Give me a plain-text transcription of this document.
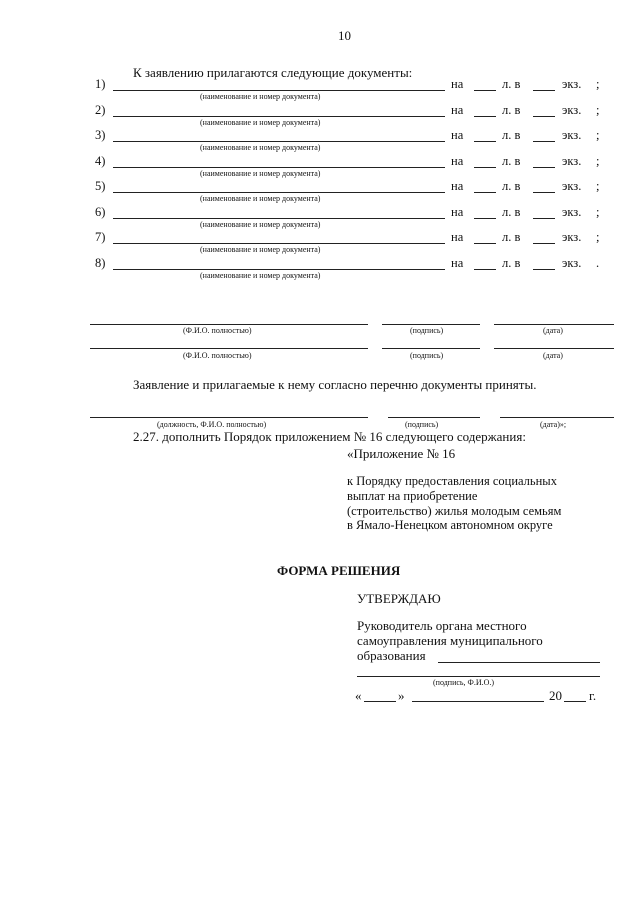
10
К заявлению прилагаются следующие документы:
1)
(наименование и номер документа)
на	л. в	экз. ;
2)
(наименование и номер документа)
на	л. в	экз. ;
3)
(наименование и номер документа)
на	л. в	экз. ;
4)
(наименование и номер документа)
на	л. в	экз. ;
5)
(наименование и номер документа)
на	л. в	экз. ;
6)
(наименование и номер документа)
на	л. в	экз. ;
7)
(наименование и номер документа)
на	л. в	экз. ;
8)
(наименование и номер документа)
на	л. в	экз. .
(Ф.И.О. полностью)	(подпись)	(дата)
(Ф.И.О. полностью)	(подпись)	(дата)
Заявление и прилагаемые к нему согласно перечню документы приняты.
(должность, Ф.И.О. полностью)	(подпись)	(дата)»;
2.27. дополнить Порядок приложением № 16 следующего содержания:
«Приложение № 16
к Порядку предоставления социальных
выплат на приобретение
(строительство) жилья молодым семьям
в Ямало-Ненецком автономном округе
ФОРМА РЕШЕНИЯ
УТВЕРЖДАЮ
Руководитель органа местного
самоуправления муниципального
образования
(подпись, Ф.И.О.)
«	»	20 г.
